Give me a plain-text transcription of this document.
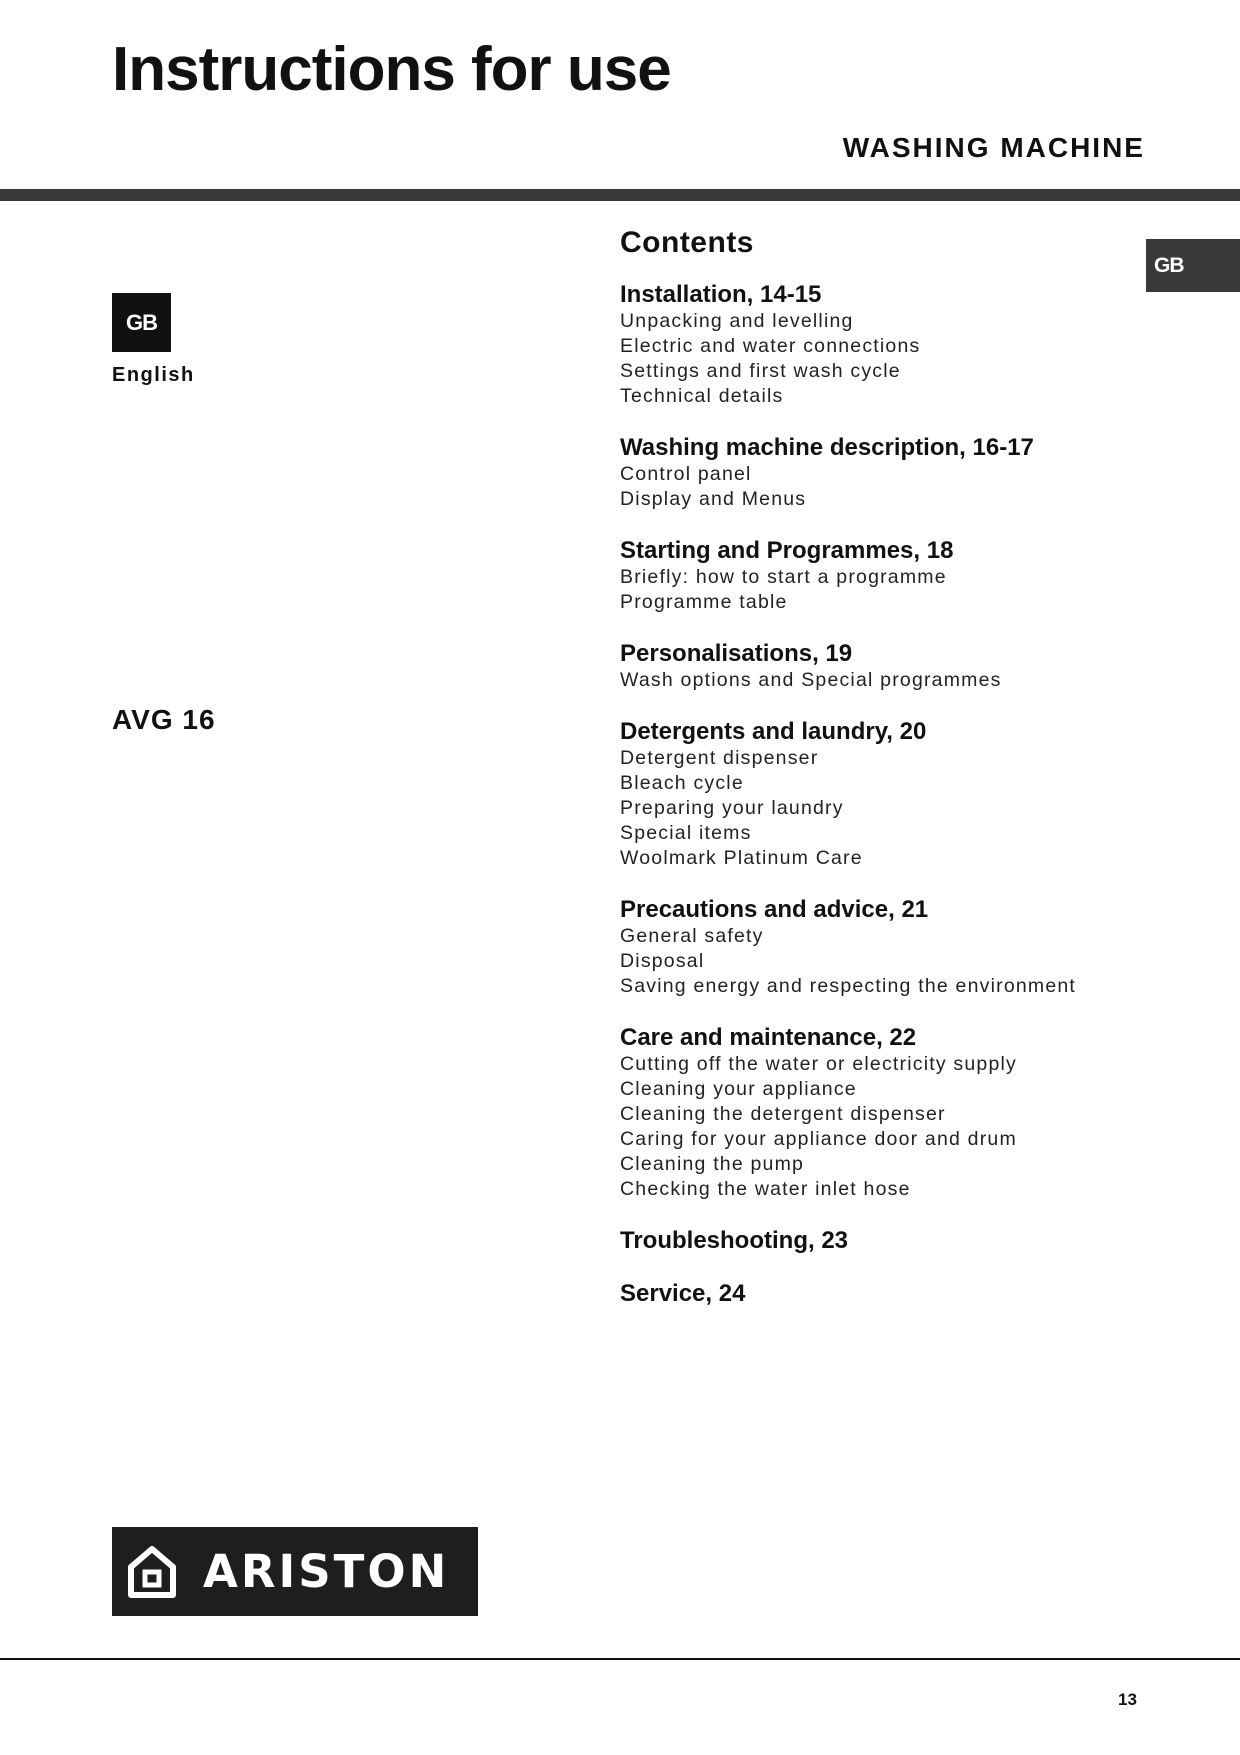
Instructions for use
WASHING MACHINE
GB
GB
English
AVG 16
Contents
Installation, 14-15
Unpacking and levelling
Electric and water connections
Settings and first wash cycle
Technical details
Washing machine description, 16-17
Control panel
Display and Menus
Starting and Programmes, 18
Briefly: how to start a programme
Programme table
Personalisations, 19
Wash options and Special programmes
Detergents and laundry, 20
Detergent dispenser
Bleach cycle
Preparing your laundry
Special items
Woolmark Platinum Care
Precautions and advice, 21
General safety
Disposal
Saving energy and respecting the environment
Care and maintenance, 22
Cutting off the water or electricity supply
Cleaning your appliance
Cleaning the detergent dispenser
Caring for your appliance door and drum
Cleaning the pump
Checking the water inlet hose
Troubleshooting, 23
Service, 24
ARISTON
13
